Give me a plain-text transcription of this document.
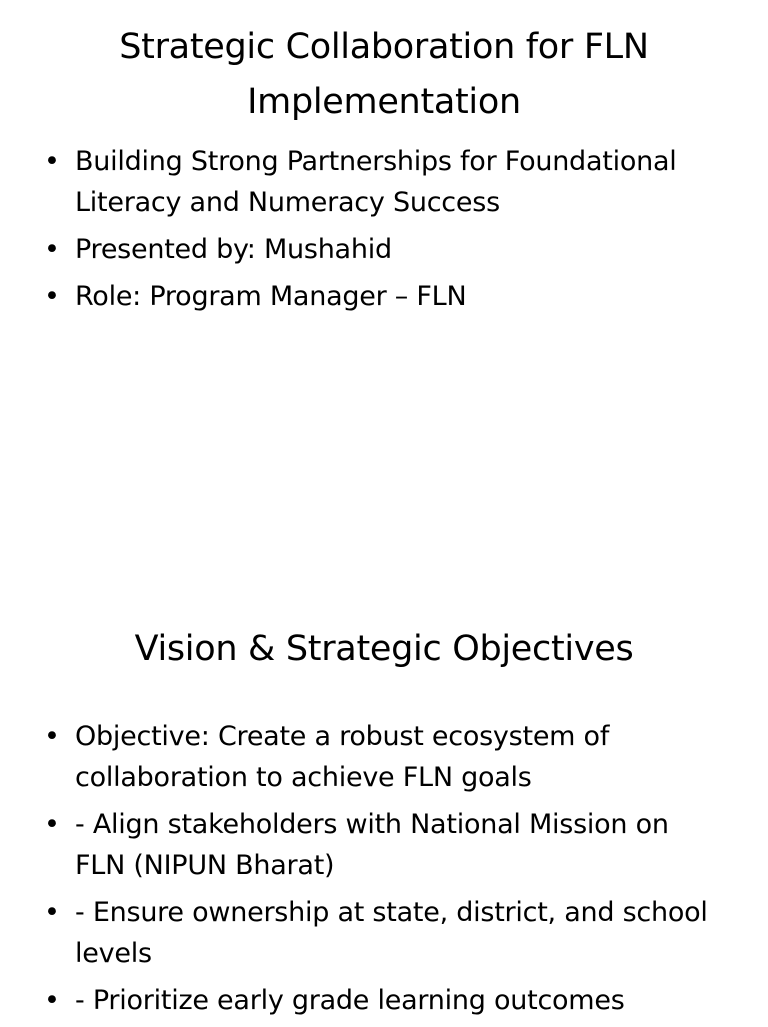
Strategic Collaboration for FLN Implementation
• Building Strong Partnerships for Foundational Literacy and Numeracy Success
• Presented by: Mushahid
• Role: Program Manager – FLN
Vision & Strategic Objectives
• Objective: Create a robust ecosystem of collaboration to achieve FLN goals
• - Align stakeholders with National Mission on FLN (NIPUN Bharat)
• - Ensure ownership at state, district, and school levels
• - Prioritize early grade learning outcomes
